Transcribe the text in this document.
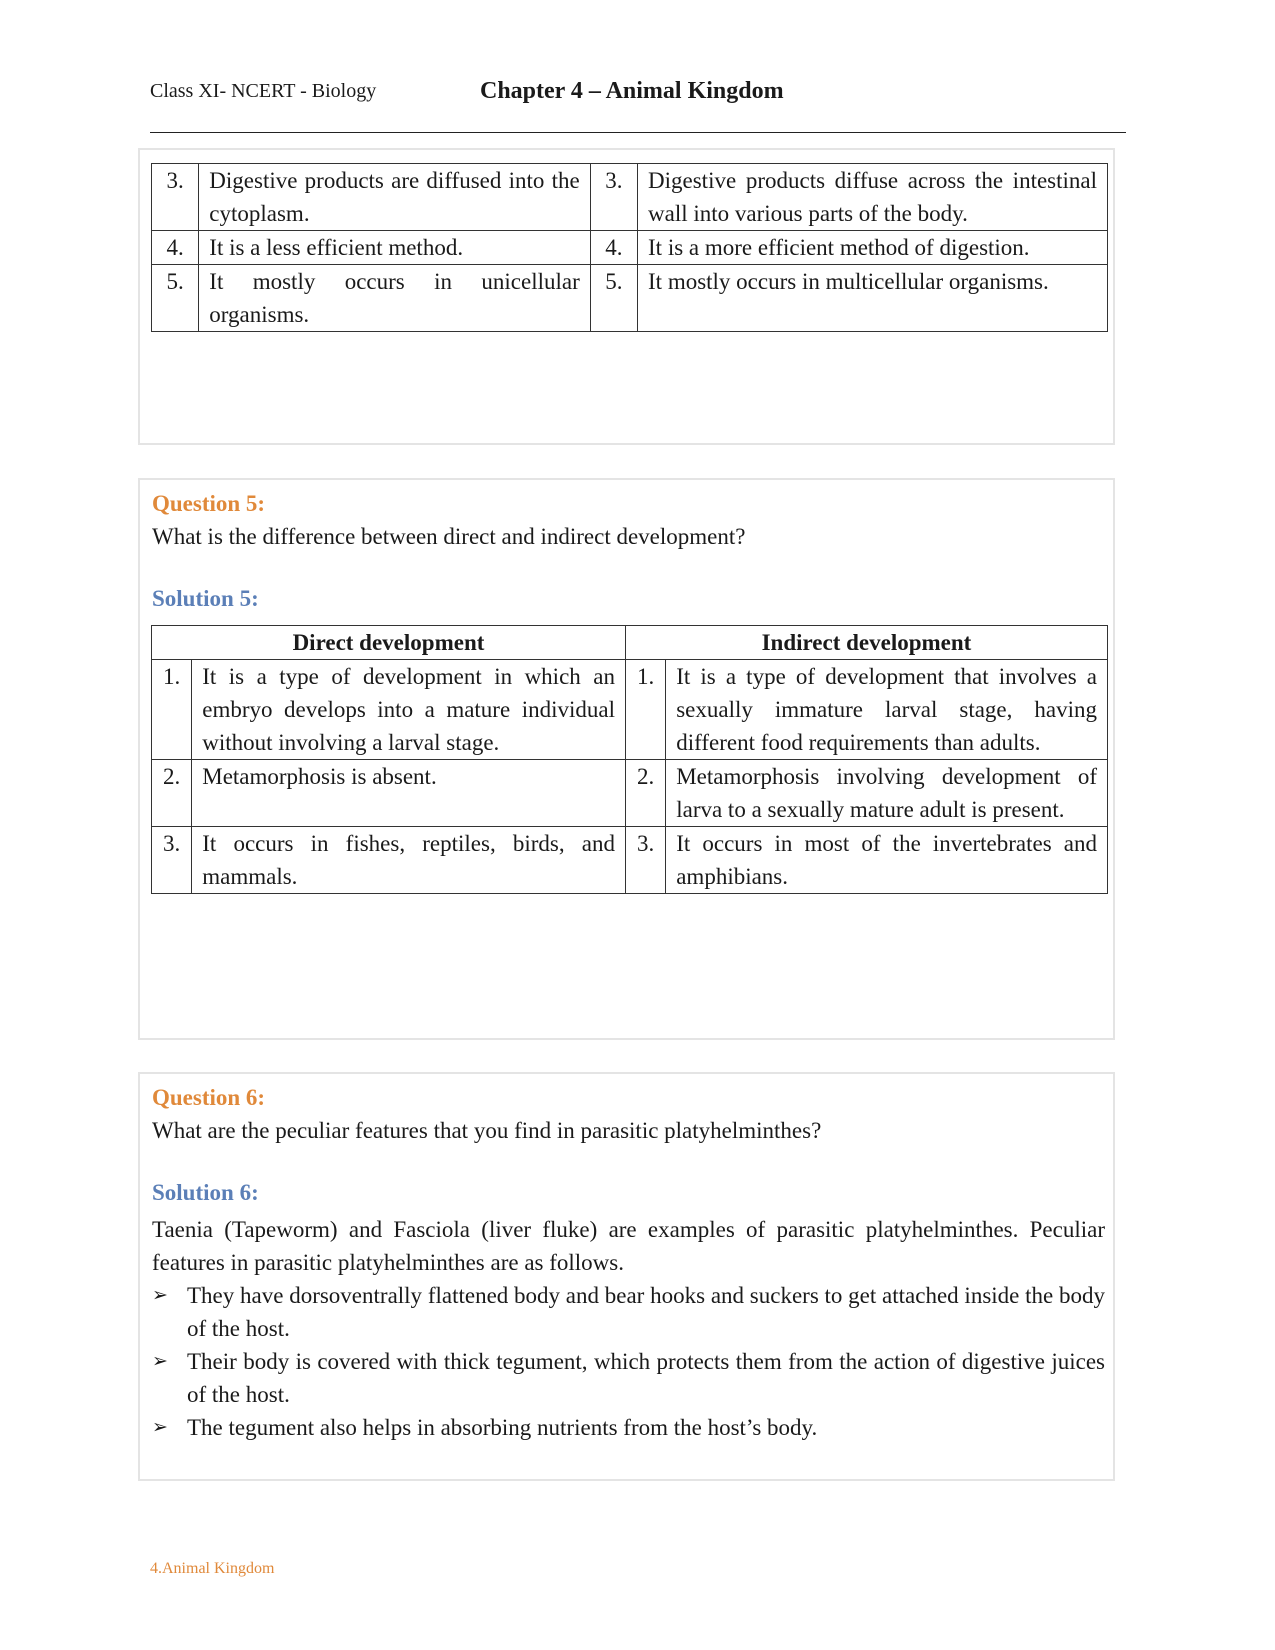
Class XI- NCERT - Biology	Chapter 4 – Animal Kingdom
3.	Digestive products are diffused into the cytoplasm.	3.	Digestive products diffuse across the intestinal wall into various parts of the body.
4.	It is a less efficient method.	4.	It is a more efficient method of digestion.
5.	It mostly occurs in unicellular organisms.	5.	It mostly occurs in multicellular organisms.
Question 5:
What is the difference between direct and indirect development?
Solution 5:
Direct development		Indirect development	
1.	It is a type of development in which an embryo develops into a mature individual without involving a larval stage.	1.	It is a type of development that involves a sexually immature larval stage, having different food requirements than adults.
2.	Metamorphosis is absent.	2.	Metamorphosis involving development of larva to a sexually mature adult is present.
3.	It occurs in fishes, reptiles, birds, and mammals.	3.	It occurs in most of the invertebrates and amphibians.
Question 6:
What are the peculiar features that you find in parasitic platyhelminthes?
Solution 6:
Taenia (Tapeworm) and Fasciola (liver fluke) are examples of parasitic platyhelminthes. Peculiar features in parasitic platyhelminthes are as follows.
➢ They have dorsoventrally flattened body and bear hooks and suckers to get attached inside the body of the host.
➢ Their body is covered with thick tegument, which protects them from the action of digestive juices of the host.
➢ The tegument also helps in absorbing nutrients from the host’s body.
4.Animal Kingdom
